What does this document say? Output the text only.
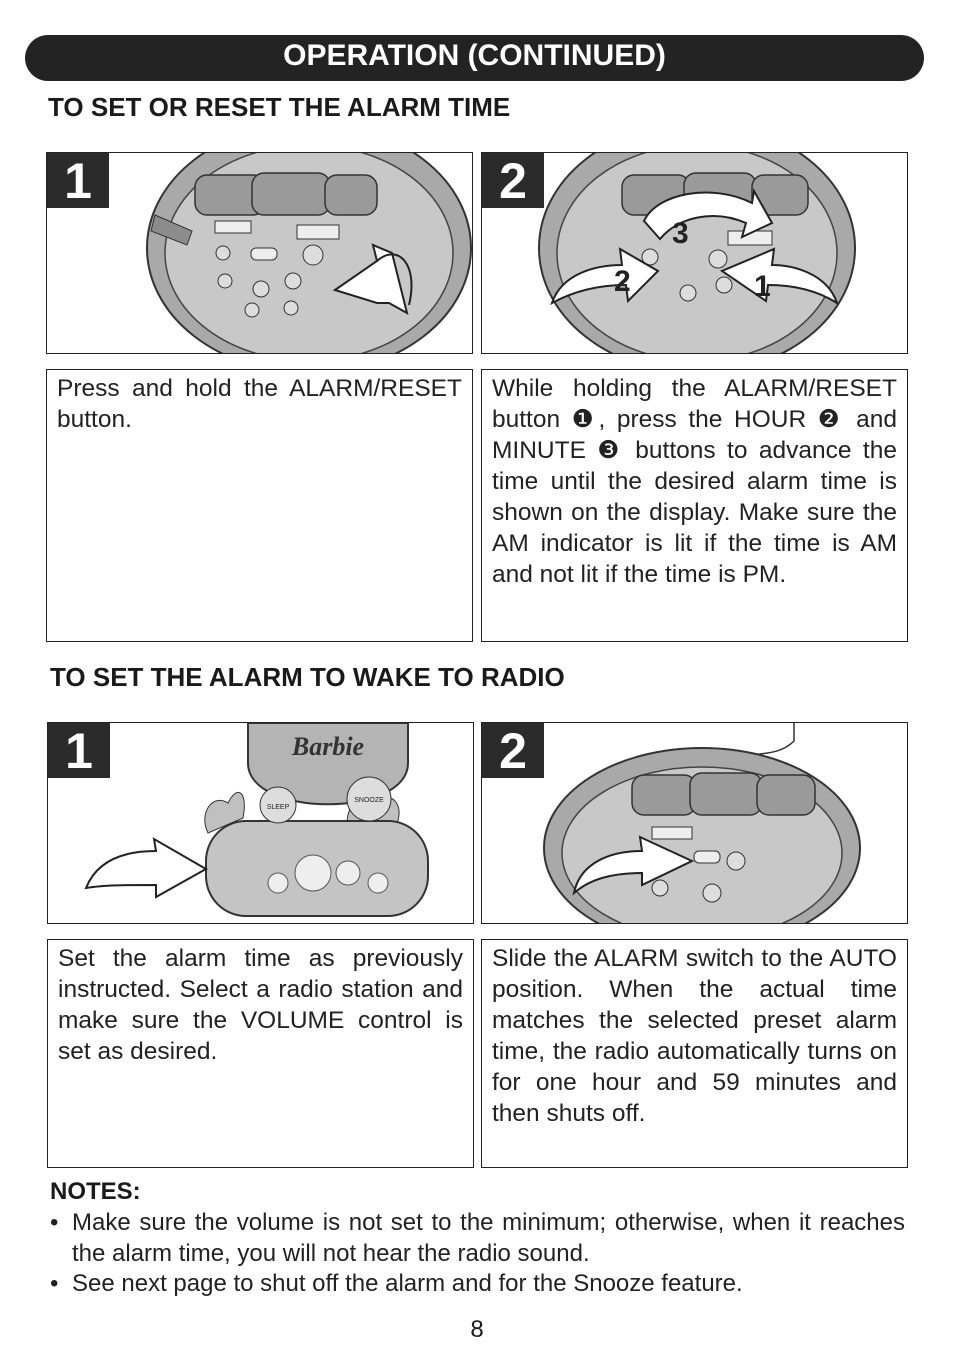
OPERATION (CONTINUED)
TO SET OR RESET THE ALARM TIME
1
3
2	1
2
Press and hold the ALARM/RESET button.
While holding the ALARM/RESET button ❶, press the HOUR ❷ and MINUTE ❸ buttons to advance the time until the desired alarm time is shown on the display. Make sure the AM indicator is lit if the time is AM and not lit if the time is PM.
TO SET THE ALARM TO WAKE TO RADIO
Barbie
SLEEP
SNOOZE
1	2
Set the alarm time as previously instructed. Select a radio station and make sure the VOLUME control is set as desired.
Slide the ALARM switch to the AUTO position. When the actual time matches the selected preset alarm time, the radio automatically turns on for one hour and 59 minutes and then shuts off.
NOTES:
• Make sure the volume is not set to the minimum; otherwise, when it reaches the alarm time, you will not hear the radio sound.
• See next page to shut off the alarm and for the Snooze feature.
8
